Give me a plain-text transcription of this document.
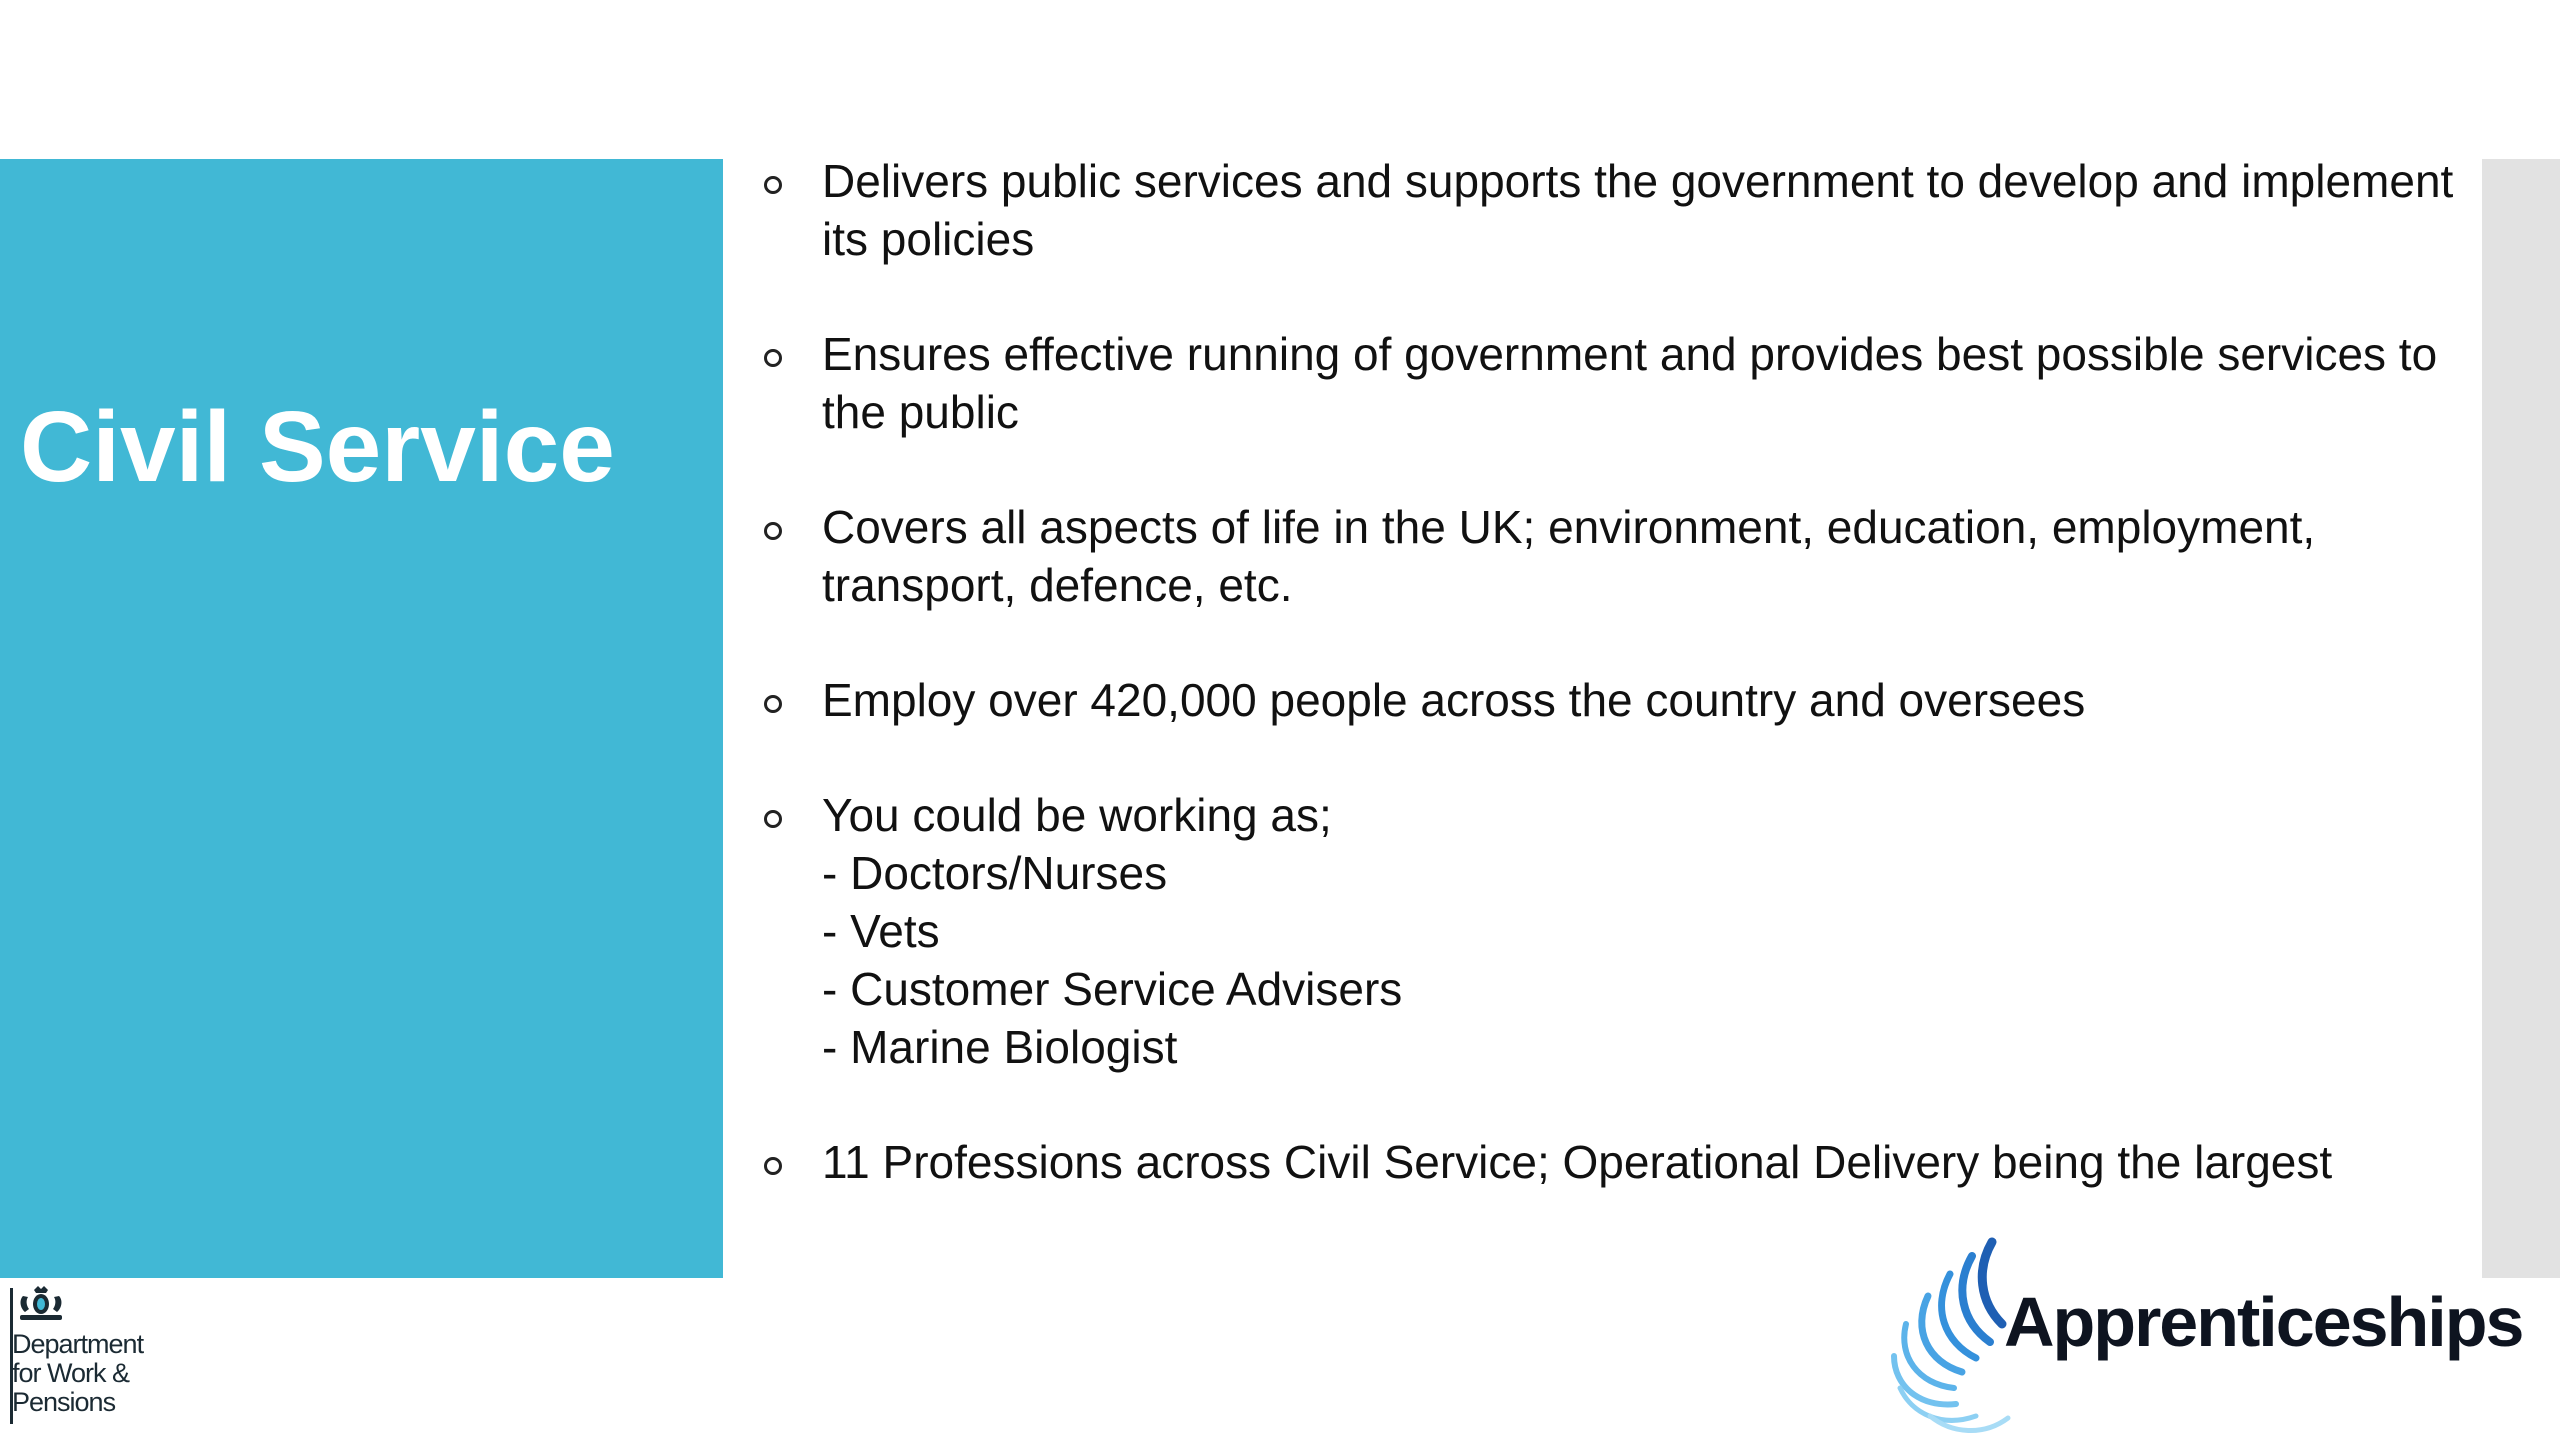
Civil Service
Department
for Work &
Pensions
Delivers public services and supports the government to develop and implement its policies
Ensures effective running of government and provides best possible services to the public
Covers all aspects of life in the UK; environment, education, employment, transport, defence, etc.
Employ over 420,000 people across the country and oversees
You could be working as;
- Doctors/Nurses
- Vets
- Customer Service Advisers
- Marine Biologist
11 Professions across Civil Service; Operational Delivery being the largest
Apprenticeships
